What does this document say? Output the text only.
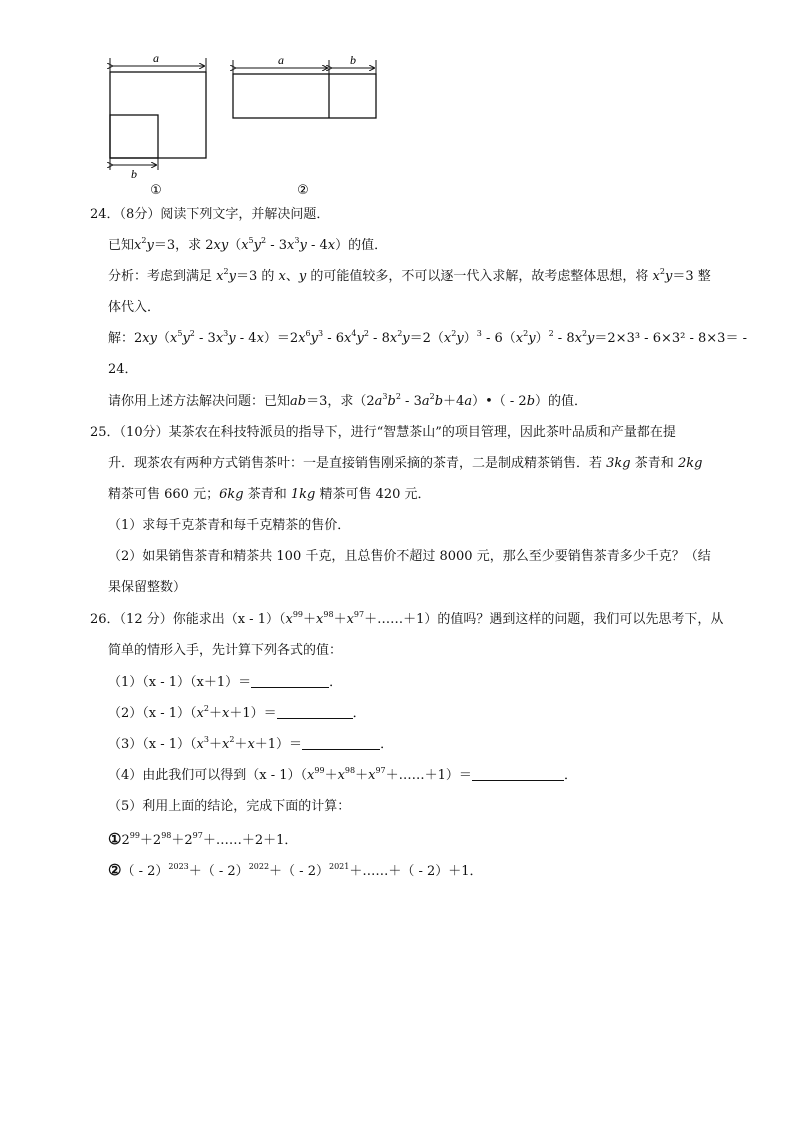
a
b
a	b
①	②
24．（8分）阅读下列文字，并解决问题．
已知$x^2y=3$，求 $2xy(x^5y^2 - 3x^3y - 4x)$的值．
分析：考虑到满足 $x^2y=3$ 的 x、y 的可能值较多，不可以逐一代入求解，故考虑整体思想，将 $x^2y=3$ 整
体代入．
解：$2xy(x^5y^2 - 3x^3y - 4x)=2x^6y^3 - 6x^4y^2 - 8x^2y=2(x^2y)^3 - 6(x^2y)^2 - 8x^2y=2\times 3^3 - 6\times 3^2 - 8\times 3=$ -
24．
请你用上述方法解决问题：已知ab＝3，求（$2a^3b^2$ - $3a^2b+4a)•( - 2b)$的值．
25．（10分）某茶农在科技特派员的指导下，进行“智慧茶山”的项目管理，因此茶叶品质和产量都在提
升．现茶农有两种方式销售茶叶：一是直接销售刚采摘的茶青，二是制成精茶销售．若 3kg 茶青和 2kg
精茶可售 660 元；6kg 茶青和 1kg 精茶可售 420 元．
（1）求每千克茶青和每千克精茶的售价．
（2）如果销售茶青和精茶共 100 千克，且总售价不超过 8000 元，那么至少要销售茶青多少千克？（结
果保留整数）
26．（12 分）你能求出$(x - 1)(x^{99}+x^{98}+x^{97}+\dots\dots+1)$的值吗？遇到这样的问题，我们可以先思考下，从
简单的情形入手，先计算下列各式的值：
（1）（x - 1）（x＋1）＝	．
$(2)(x - 1)(x^2+x+1)=$	．
$(3)(x - 1)(x^3+x^2+x+1)=$	．
（4）由此我们可以得到$(x - 1)(x^{99}+x^{98}+x^{97}+\dots\dots+1)=$	．
（5）利用上面的结论，完成下面的计算：
$①2^{99}+2^{98}+2^{97}+\dots\dots+2+1$．
②（ - 2）$^{2023}$＋（ - 2）$^{2022}$＋（ - 2）$^{2021}$＋……＋（ - 2）＋1．
